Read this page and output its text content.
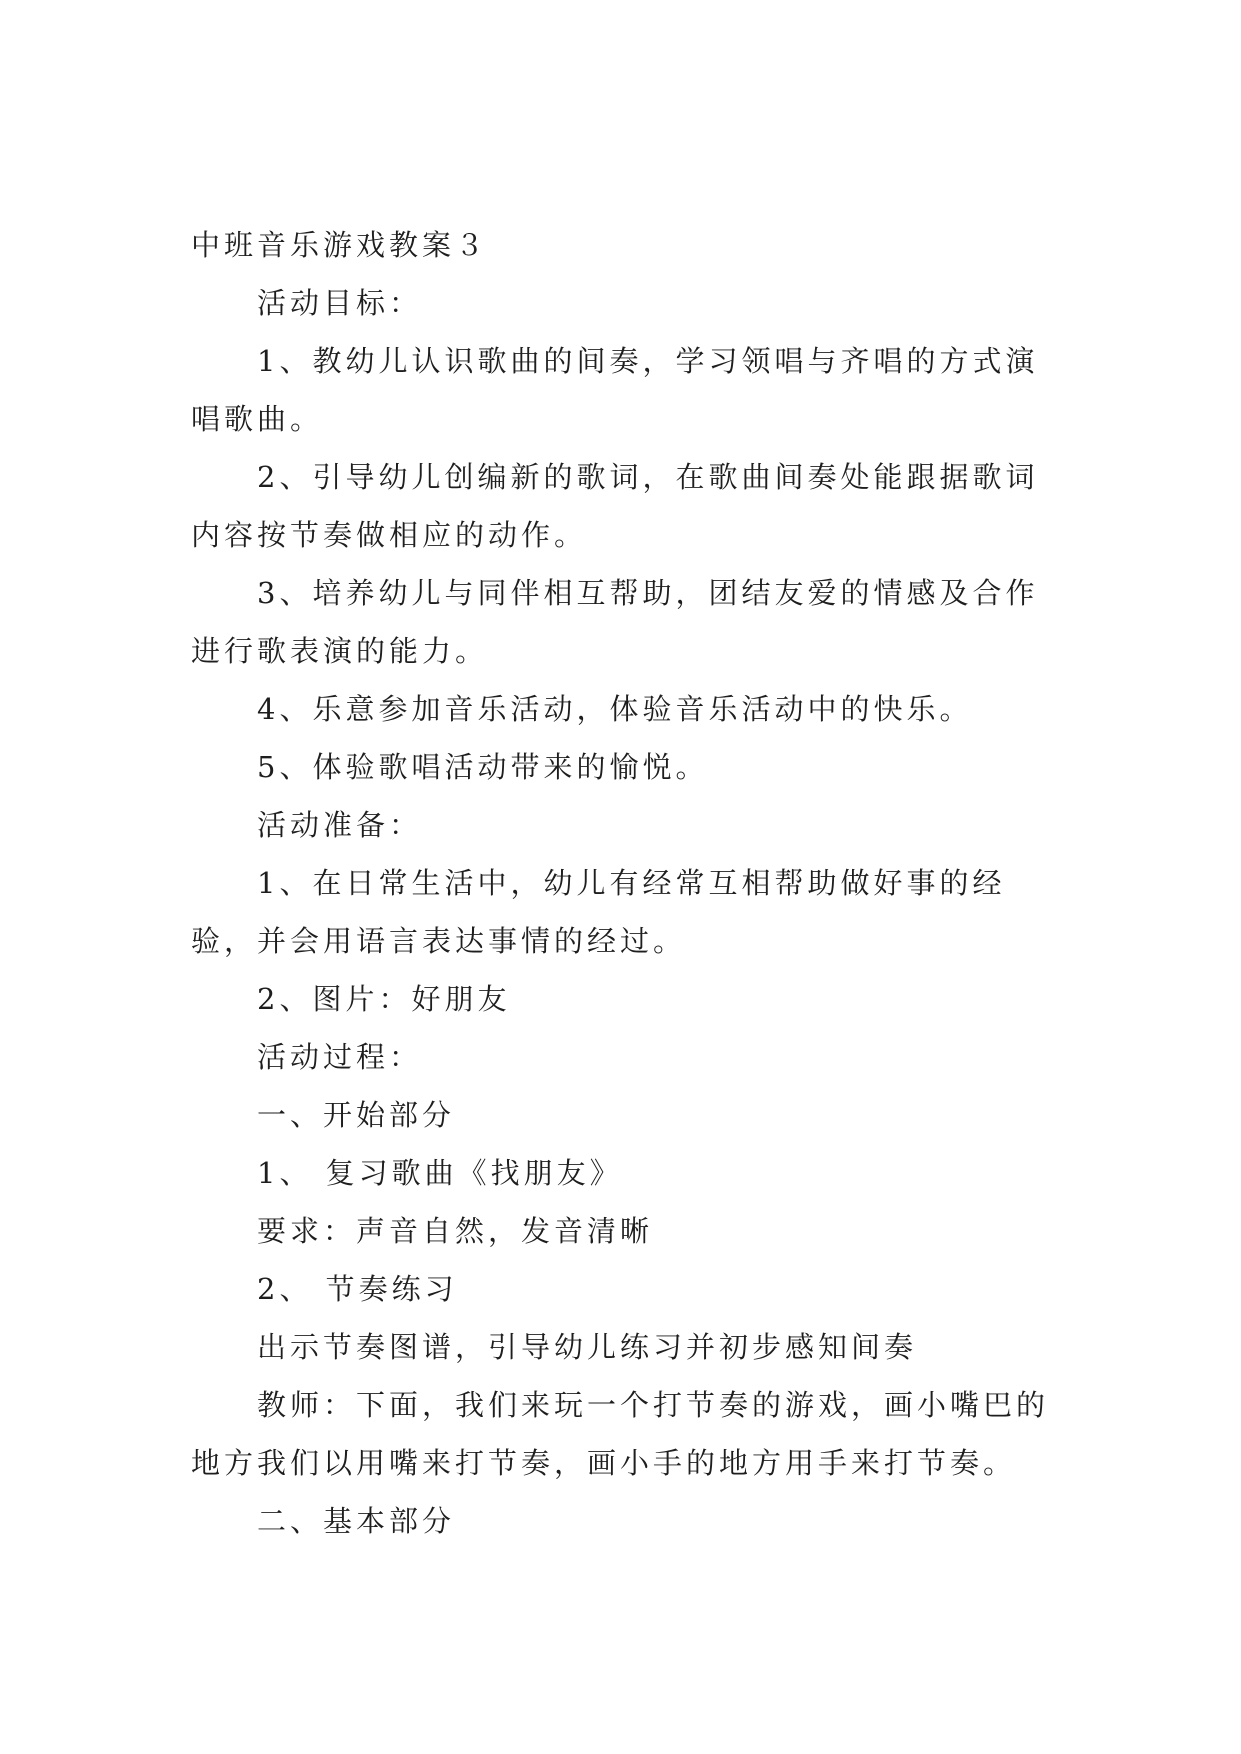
中班音乐游戏教案３

活动目标：

1、教幼儿认识歌曲的间奏，学习领唱与齐唱的方式演唱歌曲。

2、引导幼儿创编新的歌词，在歌曲间奏处能跟据歌词内容按节奏做相应的动作。

3、培养幼儿与同伴相互帮助，团结友爱的情感及合作进行歌表演的能力。

4、乐意参加音乐活动，体验音乐活动中的快乐。

5、体验歌唱活动带来的愉悦。

活动准备：

1、在日常生活中，幼儿有经常互相帮助做好事的经验，并会用语言表达事情的经过。

2、图片：好朋友

活动过程：

一、开始部分

1、 复习歌曲《找朋友》

要求：声音自然，发音清晰

2、 节奏练习

出示节奏图谱，引导幼儿练习并初步感知间奏

教师：下面，我们来玩一个打节奏的游戏，画小嘴巴的地方我们以用嘴来打节奏，画小手的地方用手来打节奏。

二、基本部分
